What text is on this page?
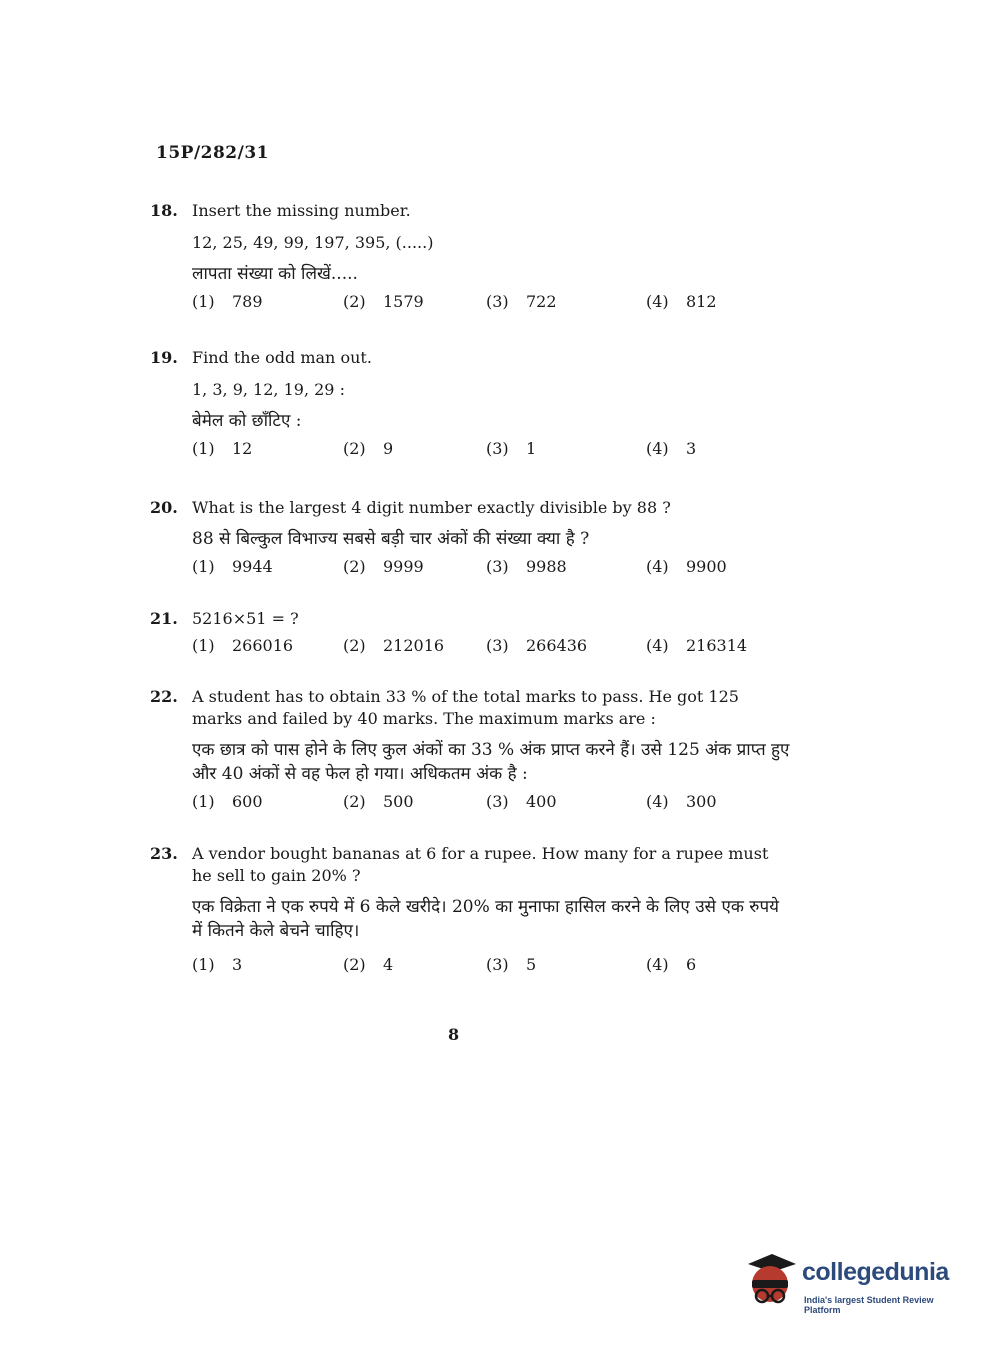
15P/282/31
18. Insert the missing number.
12, 25, 49, 99, 197, 395, (.....)
लापता संख्या को लिखें.....
(1) 789	(2) 1579	(3) 722	(4) 812
19. Find the odd man out.
1, 3, 9, 12, 19, 29 :
बेमेल को छाँटिए :
(1) 12	(2) 9	(3) 1	(4) 3
20. What is the largest 4 digit number exactly divisible by 88 ?
88 से बिल्कुल विभाज्य सबसे बड़ी चार अंकों की संख्या क्या है ?
(1) 9944	(2) 9999	(3) 9988	(4) 9900
21. 5216×51 = ?
(1) 266016	(2) 212016	(3) 266436	(4) 216314
22. A student has to obtain 33 % of the total marks to pass. He got 125 marks and failed by 40 marks. The maximum marks are :
एक छात्र को पास होने के लिए कुल अंकों का 33 % अंक प्राप्त करने हैं। उसे 125 अंक प्राप्त हुए और 40 अंकों से वह फेल हो गया। अधिकतम अंक है :
(1) 600	(2) 500	(3) 400	(4) 300
23. A vendor bought bananas at 6 for a rupee. How many for a rupee must he sell to gain 20% ?
एक विक्रेता ने एक रुपये में 6 केले खरीदे। 20% का मुनाफा हासिल करने के लिए उसे एक रुपये में कितने केले बेचने चाहिए।
(1) 3	(2) 4	(3) 5	(4) 6
8
collegedunia
India's largest Student Review Platform
